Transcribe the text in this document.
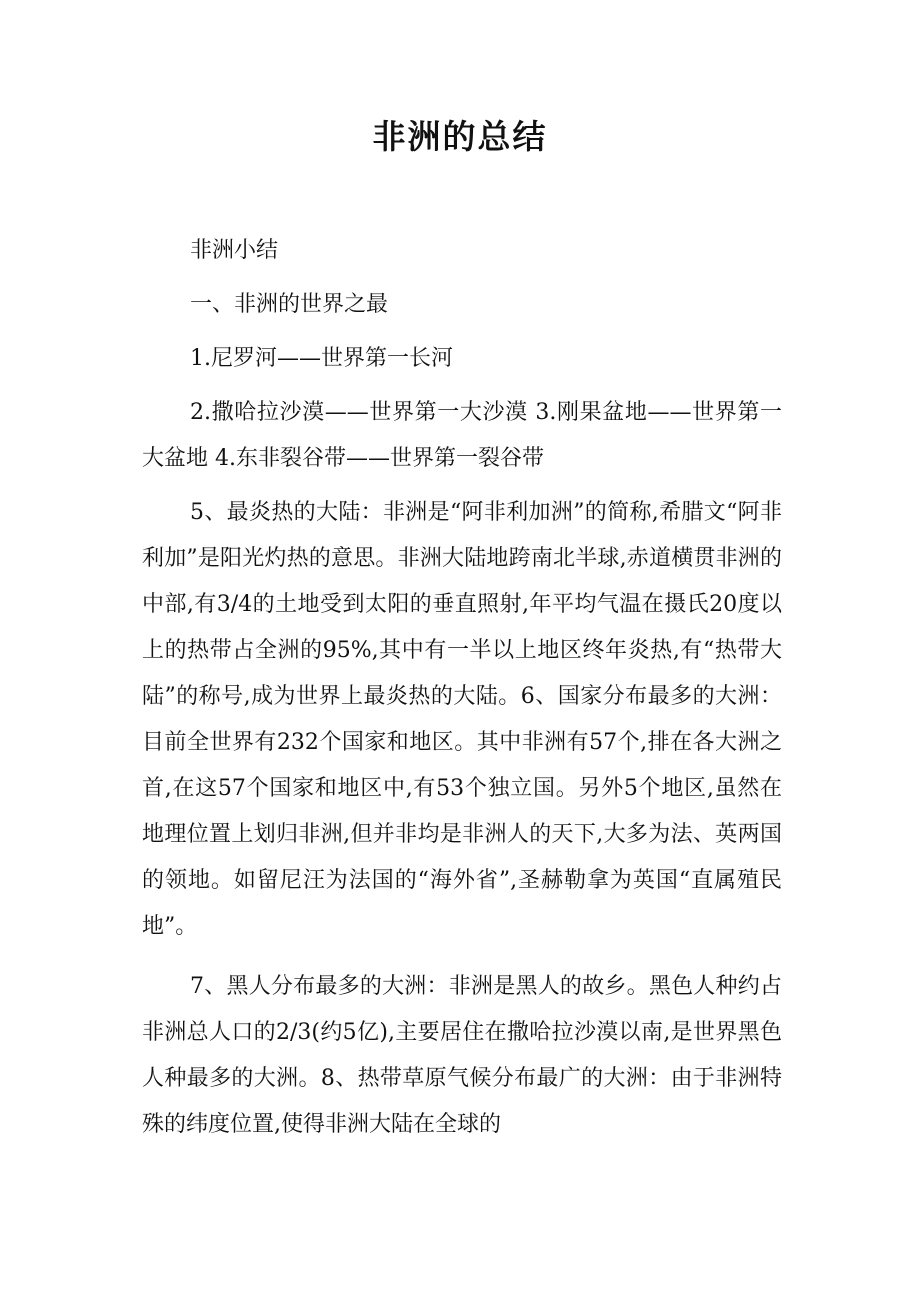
非洲的总结

非洲小结

一、非洲的世界之最

1.尼罗河——世界第一长河

2.撒哈拉沙漠——世界第一大沙漠 3.刚果盆地——世界第一大盆地 4.东非裂谷带——世界第一裂谷带

5、最炎热的大陆：非洲是“阿非利加洲”的简称,希腊文“阿非利加”是阳光灼热的意思。非洲大陆地跨南北半球,赤道横贯非洲的中部,有3/4的土地受到太阳的垂直照射,年平均气温在摄氏20度以上的热带占全洲的95%,其中有一半以上地区终年炎热,有“热带大陆”的称号,成为世界上最炎热的大陆。6、国家分布最多的大洲：目前全世界有232个国家和地区。其中非洲有57个,排在各大洲之首,在这57个国家和地区中,有53个独立国。另外5个地区,虽然在地理位置上划归非洲,但并非均是非洲人的天下,大多为法、英两国的领地。如留尼汪为法国的“海外省”,圣赫勒拿为英国“直属殖民地”。

7、黑人分布最多的大洲：非洲是黑人的故乡。黑色人种约占非洲总人口的2/3(约5亿),主要居住在撒哈拉沙漠以南,是世界黑色人种最多的大洲。8、热带草原气候分布最广的大洲：由于非洲特殊的纬度位置,使得非洲大陆在全球的
